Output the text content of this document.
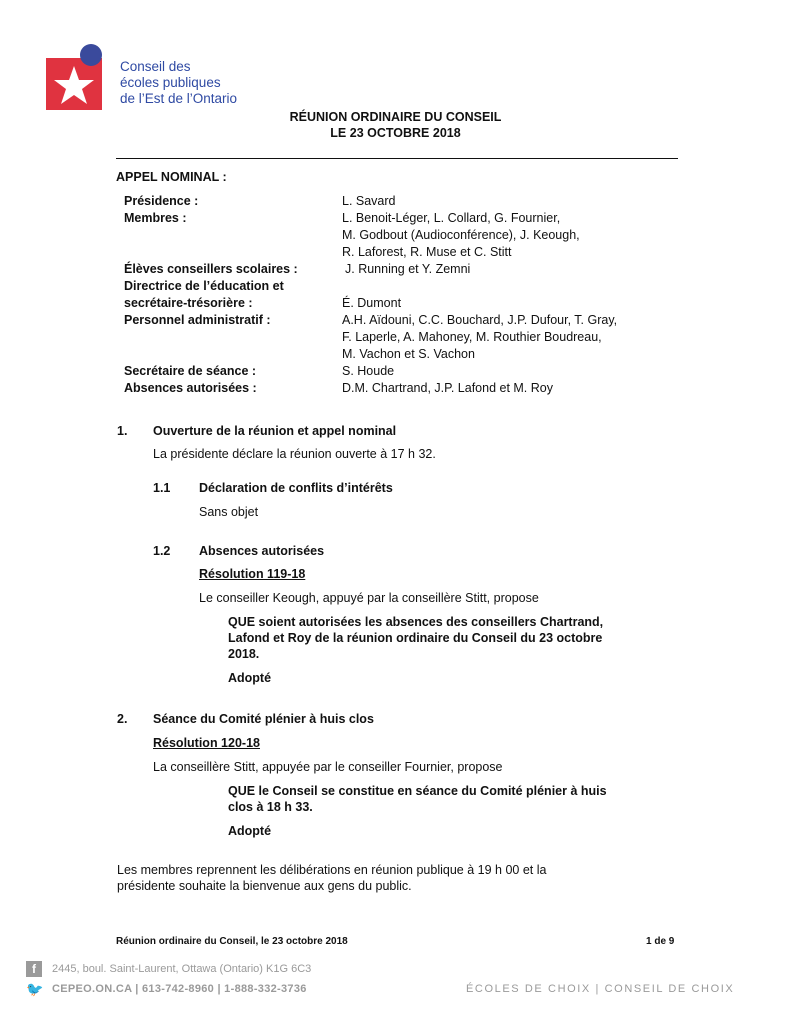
Conseil des
écoles publiques
de l’Est de l’Ontario
RÉUNION ORDINAIRE DU CONSEIL
LE 23 OCTOBRE 2018
APPEL NOMINAL :
Présidence :	L. Savard
Membres :	L. Benoit-Léger, L. Collard, G. Fournier,
M. Godbout (Audioconférence), J. Keough,
R. Laforest, R. Muse et C. Stitt
Élèves conseillers scolaires :	J. Running et Y. Zemni
Directrice de l’éducation et
secrétaire-trésorière :	É. Dumont
Personnel administratif :	A.H. Aïdouni, C.C. Bouchard, J.P. Dufour, T. Gray,
F. Laperle, A. Mahoney, M. Routhier Boudreau,
M. Vachon et S. Vachon
Secrétaire de séance :	S. Houde
Absences autorisées :	D.M. Chartrand, J.P. Lafond et M. Roy
1. Ouverture de la réunion et appel nominal
La présidente déclare la réunion ouverte à 17 h 32.
1.1 Déclaration de conflits d’intérêts
Sans objet
1.2 Absences autorisées
Résolution 119-18
Le conseiller Keough, appuyé par la conseillère Stitt, propose
QUE soient autorisées les absences des conseillers Chartrand,
Lafond et Roy de la réunion ordinaire du Conseil du 23 octobre
2018.
Adopté
2. Séance du Comité plénier à huis clos
Résolution 120-18
La conseillère Stitt, appuyée par le conseiller Fournier, propose
QUE le Conseil se constitue en séance du Comité plénier à huis
clos à 18 h 33.
Adopté
Les membres reprennent les délibérations en réunion publique à 19 h 00 et la
présidente souhaite la bienvenue aux gens du public.
Réunion ordinaire du Conseil, le 23 octobre 2018	1 de 9
f	2445, boul. Saint-Laurent, Ottawa (Ontario) K1G 6C3
🐦 CEPEO.ON.CA | 613-742-8960 | 1-888-332-3736	ÉCOLES DE CHOIX | CONSEIL DE CHOIX
